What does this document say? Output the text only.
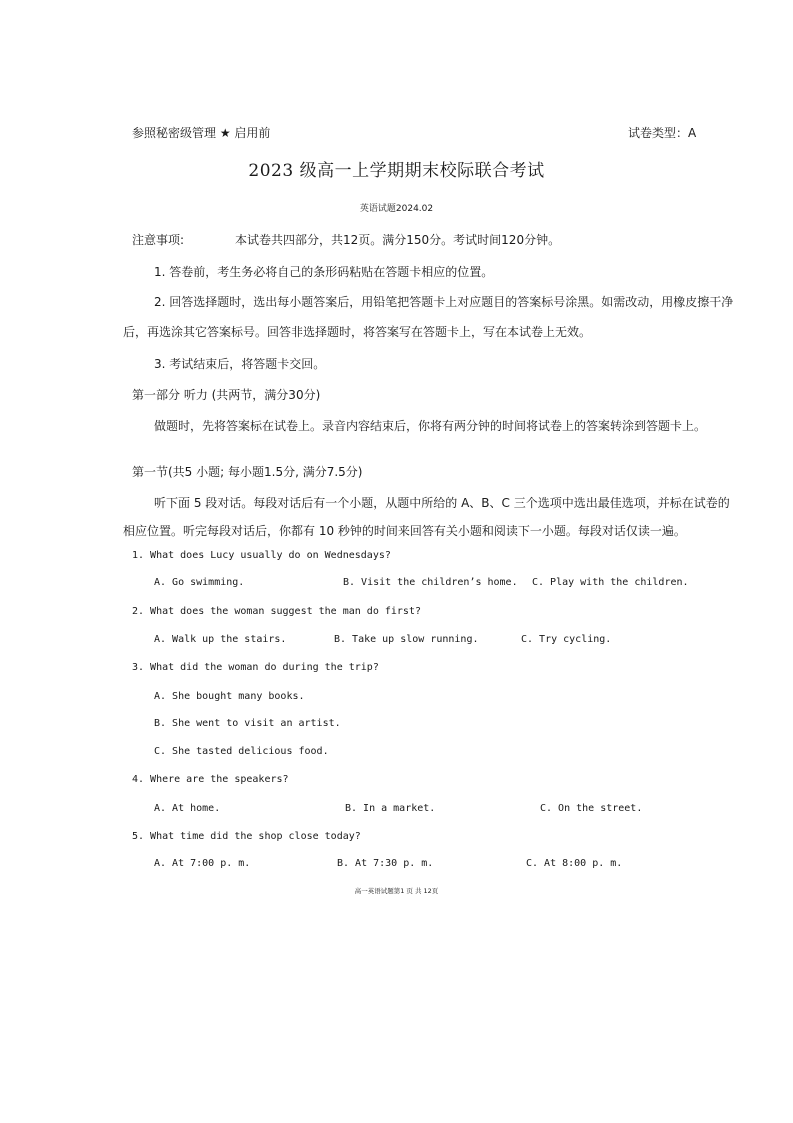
参照秘密级管理 ★ 启用前	试卷类型：A
2023 级高一上学期期末校际联合考试
英语试题2024.02
注意事项:	本试卷共四部分，共12页。满分150分。考试时间120分钟。
1. 答卷前，考生务必将自己的条形码粘贴在答题卡相应的位置。
2. 回答选择题时，选出每小题答案后，用铅笔把答题卡上对应题目的答案标号涂黑。如需改动，用橡皮擦干净
后，再选涂其它答案标号。回答非选择题时，将答案写在答题卡上，写在本试卷上无效。
3. 考试结束后，将答题卡交回。
第一部分 听力 (共两节，满分30分)
做题时，先将答案标在试卷上。录音内容结束后，你将有两分钟的时间将试卷上的答案转涂到答题卡上。
第一节(共5 小题; 每小题1.5分, 满分7.5分)
听下面 5 段对话。每段对话后有一个小题，从题中所给的 A、B、C 三个选项中选出最佳选项，并标在试卷的
相应位置。听完每段对话后，你都有 10 秒钟的时间来回答有关小题和阅读下一小题。每段对话仅读一遍。
1. What does Lucy usually do on Wednesdays?
A. Go swimming.	B. Visit the children’s home. C. Play with the children.
2. What does the woman suggest the man do first?
A. Walk up the stairs.	B. Take up slow running.	C. Try cycling.
3. What did the woman do during the trip?
A. She bought many books.
B. She went to visit an artist.
C. She tasted delicious food.
4. Where are the speakers?
A. At home.	B. In a market.	C. On the street.
5. What time did the shop close today?
A. At 7:00 p. m.	B. At 7:30 p. m.	C. At 8:00 p. m.
高一英语试题第1 页 共 12页
